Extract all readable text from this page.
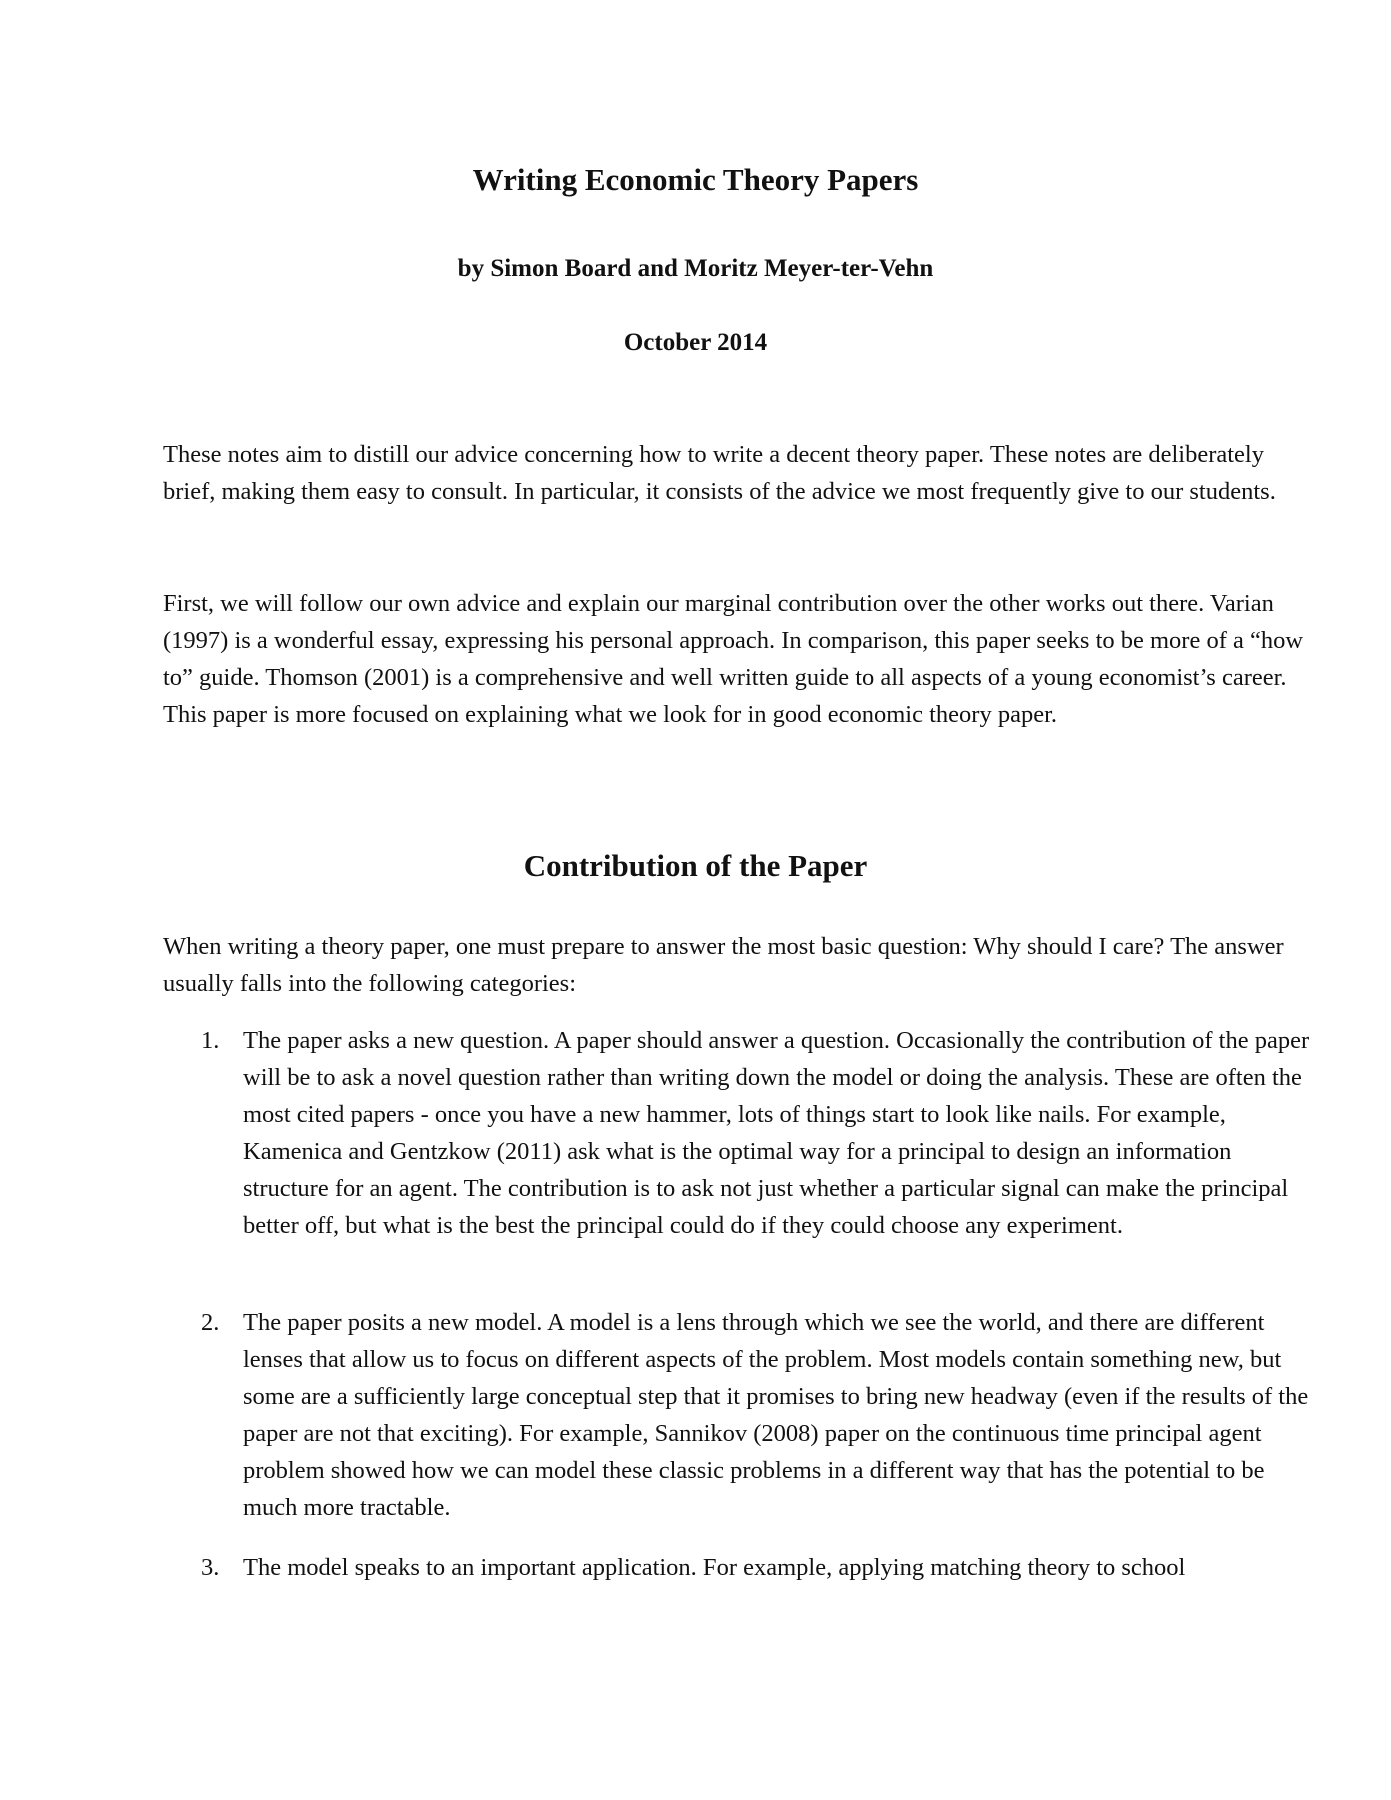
Writing Economic Theory Papers
by Simon Board and Moritz Meyer-ter-Vehn
October 2014

These notes aim to distill our advice concerning how to write a decent theory paper. These notes are deliberately brief, making them easy to consult. In particular, it consists of the advice we most frequently give to our students.

First, we will follow our own advice and explain our marginal contribution over the other works out there. Varian (1997) is a wonderful essay, expressing his personal approach. In comparison, this paper seeks to be more of a “how to” guide. Thomson (2001) is a comprehensive and well written guide to all aspects of a young economist’s career. This paper is more focused on explaining what we look for in good economic theory paper.

Contribution of the Paper

When writing a theory paper, one must prepare to answer the most basic question: Why should I care? The answer usually falls into the following categories:

1. The paper asks a new question. A paper should answer a question. Occasionally the contribution of the paper will be to ask a novel question rather than writing down the model or doing the analysis. These are often the most cited papers - once you have a new hammer, lots of things start to look like nails. For example, Kamenica and Gentzkow (2011) ask what is the optimal way for a principal to design an information structure for an agent. The contribution is to ask not just whether a particular signal can make the principal better off, but what is the best the principal could do if they could choose any experiment.

2. The paper posits a new model. A model is a lens through which we see the world, and there are different lenses that allow us to focus on different aspects of the problem. Most models contain something new, but some are a sufficiently large conceptual step that it promises to bring new headway (even if the results of the paper are not that exciting). For example, Sannikov (2008) paper on the continuous time principal agent problem showed how we can model these classic problems in a different way that has the potential to be much more tractable.

3. The model speaks to an important application. For example, applying matching theory to school
